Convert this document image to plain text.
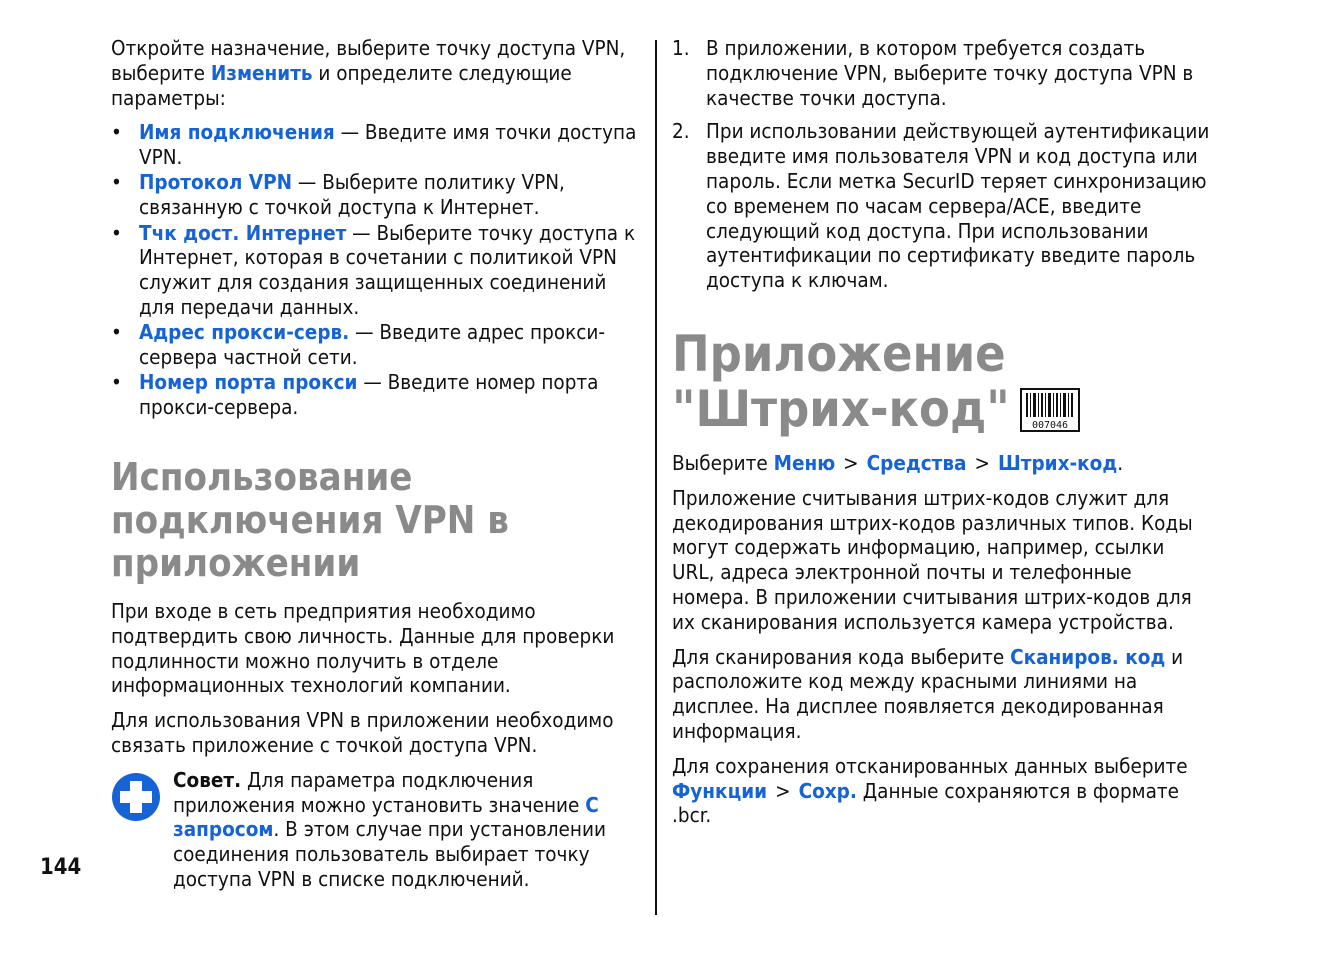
Откройте назначение, выберите точку доступа VPN, выберите Изменить и определите следующие параметры:

• Имя подключения — Введите имя точки доступа VPN.
• Протокол VPN — Выберите политику VPN, связанную с точкой доступа к Интернет.
• Тчк дост. Интернет — Выберите точку доступа к Интернет, которая в сочетании с политикой VPN служит для создания защищенных соединений для передачи данных.
• Адрес прокси-серв. — Введите адрес прокси-сервера частной сети.
• Номер порта прокси — Введите номер порта прокси-сервера.
Использование подключения VPN в приложении

При входе в сеть предприятия необходимо подтвердить свою личность. Данные для проверки подлинности можно получить в отделе информационных технологий компании.

Для использования VPN в приложении необходимо связать приложение с точкой доступа VPN.

Совет. Для параметра подключения приложения можно установить значение С запросом. В этом случае при установлении соединения пользователь выбирает точку доступа VPN в списке подключений.

1. В приложении, в котором требуется создать подключение VPN, выберите точку доступа VPN в качестве точки доступа.
2. При использовании действующей аутентификации введите имя пользователя VPN и код доступа или пароль. Если метка SecurID теряет синхронизацию со временем по часам сервера/ACE, введите следующий код доступа. При использовании аутентификации по сертификату введите пароль доступа к ключам.
Приложение "Штрих-код" 007046

Выберите Меню > Средства > Штрих-код.

Приложение считывания штрих-кодов служит для декодирования штрих-кодов различных типов. Коды могут содержать информацию, например, ссылки URL, адреса электронной почты и телефонные номера. В приложении считывания штрих-кодов для их сканирования используется камера устройства.

Для сканирования кода выберите Сканиров. код и расположите код между красными линиями на дисплее. На дисплее появляется декодированная информация.

Для сохранения отсканированных данных выберите Функции > Сохр. Данные сохраняются в формате .bcr.

144
